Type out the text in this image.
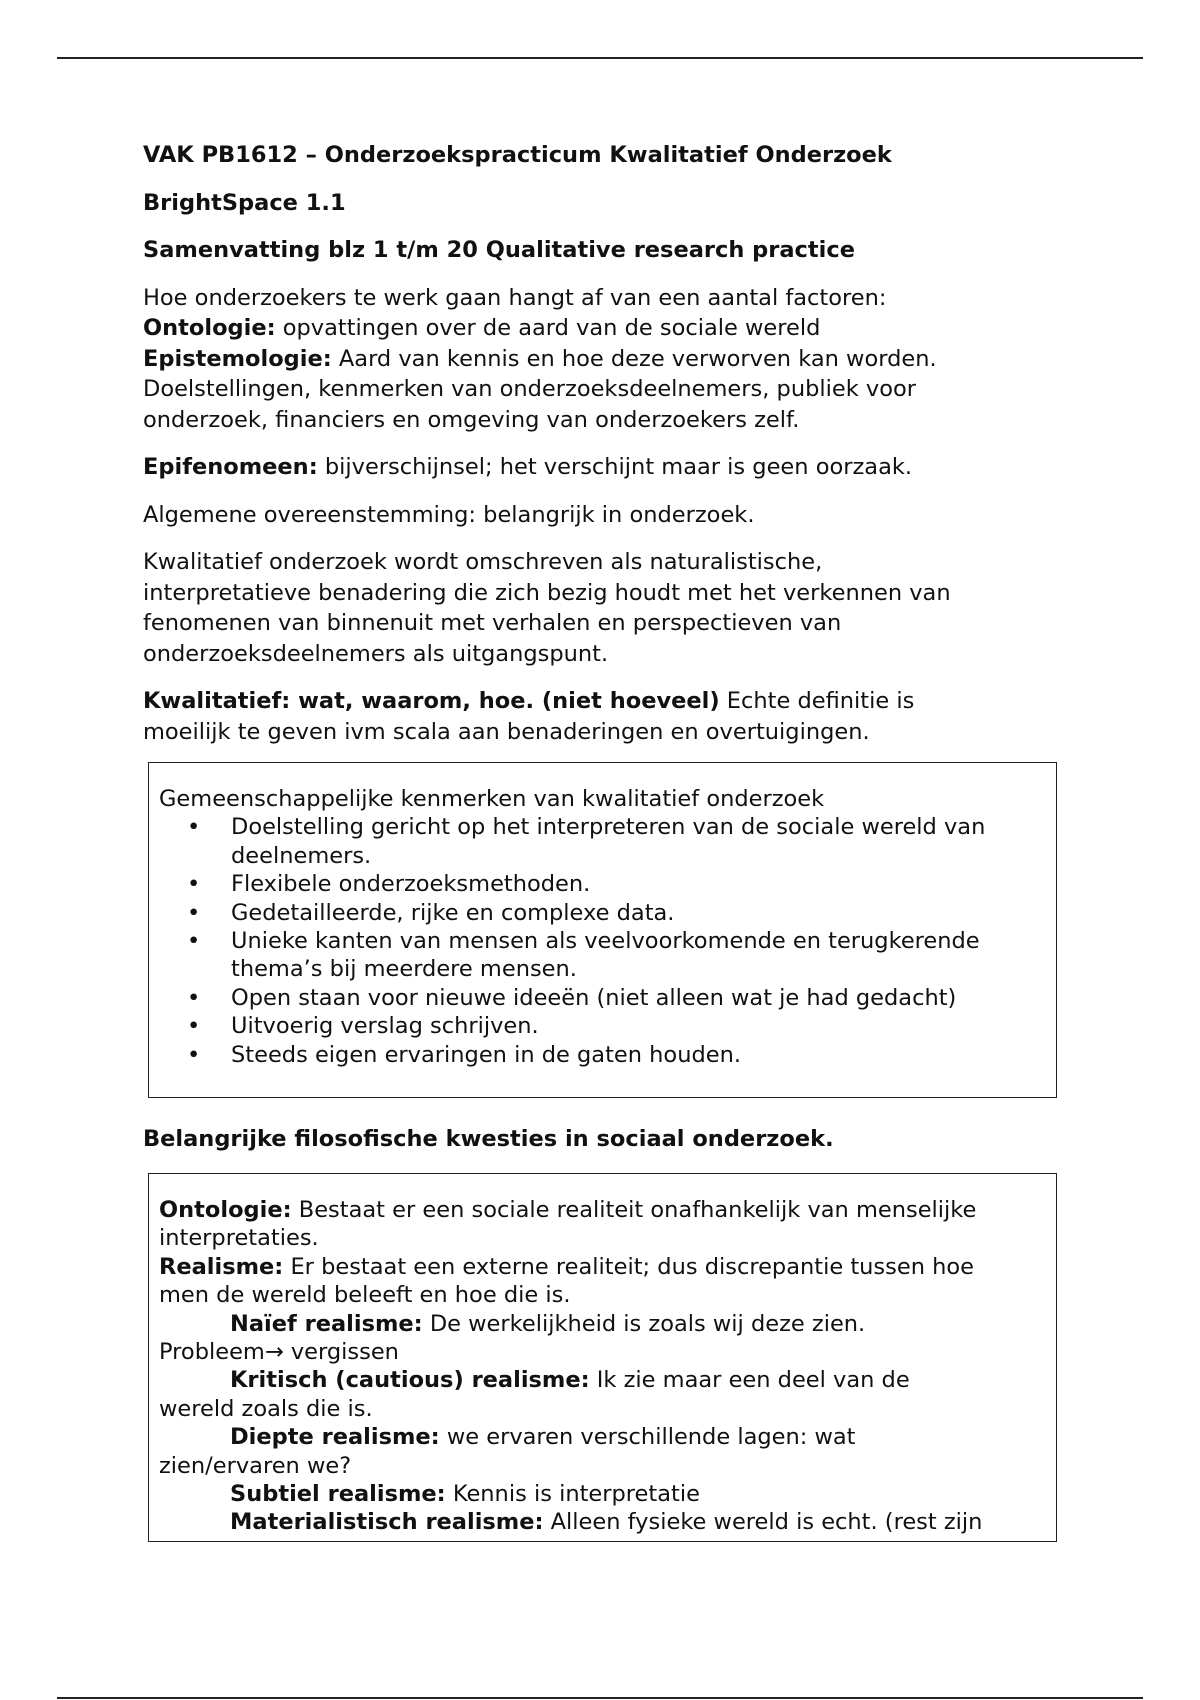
VAK PB1612 – Onderzoekspracticum Kwalitatief Onderzoek

BrightSpace 1.1

Samenvatting blz 1 t/m 20 Qualitative research practice

Hoe onderzoekers te werk gaan hangt af van een aantal factoren:

Ontologie: opvattingen over de aard van de sociale wereld

Epistemologie: Aard van kennis en hoe deze verworven kan worden.

Doelstellingen, kenmerken van onderzoeksdeelnemers, publiek voor

onderzoek, financiers en omgeving van onderzoekers zelf.

Epifenomeen: bijverschijnsel; het verschijnt maar is geen oorzaak.

Algemene overeenstemming: belangrijk in onderzoek.

Kwalitatief onderzoek wordt omschreven als naturalistische,

interpretatieve benadering die zich bezig houdt met het verkennen van

fenomenen van binnenuit met verhalen en perspectieven van

onderzoeksdeelnemers als uitgangspunt.

Kwalitatief: wat, waarom, hoe. (niet hoeveel) Echte definitie is

moeilijk te geven ivm scala aan benaderingen en overtuigingen.

Gemeenschappelijke kenmerken van kwalitatief onderzoek

• Doelstelling gericht op het interpreteren van de sociale wereld van deelnemers.
• Flexibele onderzoeksmethoden.
• Gedetailleerde, rijke en complexe data.
• Unieke kanten van mensen als veelvoorkomende en terugkerende thema’s bij meerdere mensen.
• Open staan voor nieuwe ideeën (niet alleen wat je had gedacht)
• Uitvoerig verslag schrijven.
• Steeds eigen ervaringen in de gaten houden.

Belangrijke filosofische kwesties in sociaal onderzoek.

Ontologie: Bestaat er een sociale realiteit onafhankelijk van menselijke

interpretaties.

Realisme: Er bestaat een externe realiteit; dus discrepantie tussen hoe

men de wereld beleeft en hoe die is.

Naïef realisme: De werkelijkheid is zoals wij deze zien.

Probleem→ vergissen

Kritisch (cautious) realisme: Ik zie maar een deel van de

wereld zoals die is.

Diepte realisme: we ervaren verschillende lagen: wat

zien/ervaren we?

Subtiel realisme: Kennis is interpretatie

Materialistisch realisme: Alleen fysieke wereld is echt. (rest zijn
